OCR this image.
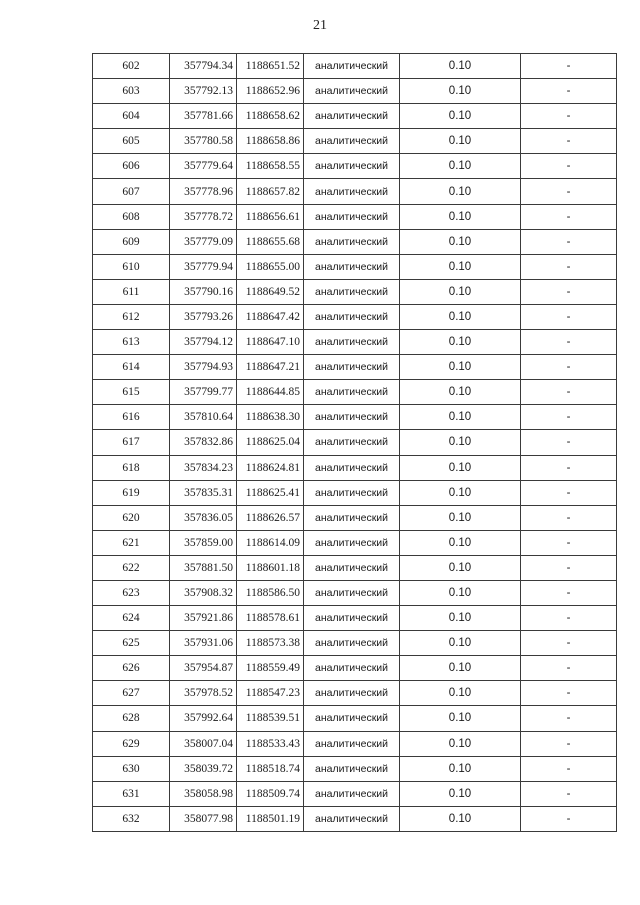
21
602	357794.34	1188651.52	аналитический	0.10	-
603	357792.13	1188652.96	аналитический	0.10	-
604	357781.66	1188658.62	аналитический	0.10	-
605	357780.58	1188658.86	аналитический	0.10	-
606	357779.64	1188658.55	аналитический	0.10	-
607	357778.96	1188657.82	аналитический	0.10	-
608	357778.72	1188656.61	аналитический	0.10	-
609	357779.09	1188655.68	аналитический	0.10	-
610	357779.94	1188655.00	аналитический	0.10	-
611	357790.16	1188649.52	аналитический	0.10	-
612	357793.26	1188647.42	аналитический	0.10	-
613	357794.12	1188647.10	аналитический	0.10	-
614	357794.93	1188647.21	аналитический	0.10	-
615	357799.77	1188644.85	аналитический	0.10	-
616	357810.64	1188638.30	аналитический	0.10	-
617	357832.86	1188625.04	аналитический	0.10	-
618	357834.23	1188624.81	аналитический	0.10	-
619	357835.31	1188625.41	аналитический	0.10	-
620	357836.05	1188626.57	аналитический	0.10	-
621	357859.00	1188614.09	аналитический	0.10	-
622	357881.50	1188601.18	аналитический	0.10	-
623	357908.32	1188586.50	аналитический	0.10	-
624	357921.86	1188578.61	аналитический	0.10	-
625	357931.06	1188573.38	аналитический	0.10	-
626	357954.87	1188559.49	аналитический	0.10	-
627	357978.52	1188547.23	аналитический	0.10	-
628	357992.64	1188539.51	аналитический	0.10	-
629	358007.04	1188533.43	аналитический	0.10	-
630	358039.72	1188518.74	аналитический	0.10	-
631	358058.98	1188509.74	аналитический	0.10	-
632	358077.98	1188501.19	аналитический	0.10	-
